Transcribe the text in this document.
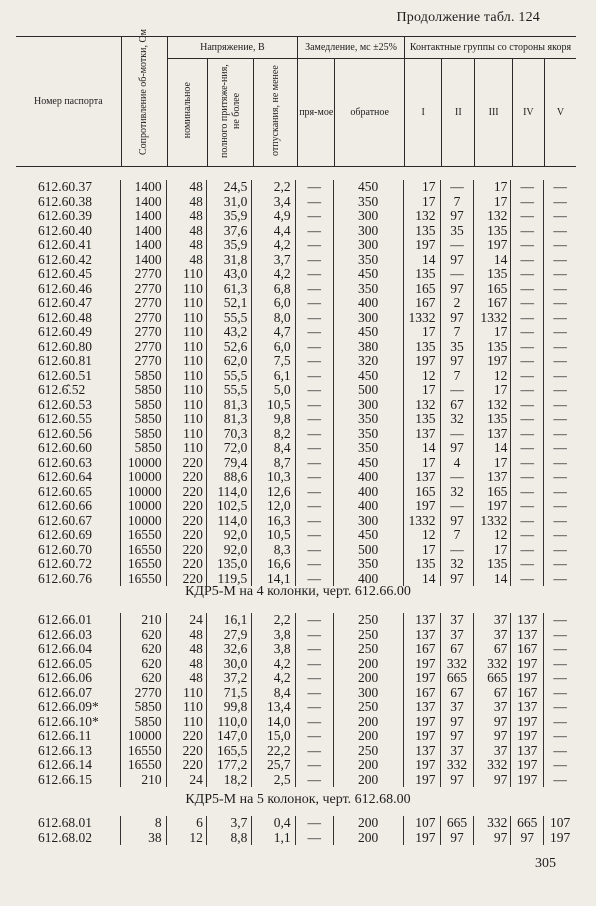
Продолжение табл. 124
Номер паспорта	Сопротивление об-мотки, Ом	Напряжение, В			Замедление, мс ±25%		Контактные группы со стороны якоря				
		номинальное	полного притяже-ния, не более	отпускания, не менее	пря-мое	обратное	I	II	III	IV	V
612.60.37	1400	48	24,5	2,2	—	450	17	—	17	—	—
612.60.38	1400	48	31,0	3,4	—	350	17	7	17	—	—
612.60.39	1400	48	35,9	4,9	—	300	132	97	132	—	—
612.60.40	1400	48	37,6	4,4	—	300	135	35	135	—	—
612.60.41	1400	48	35,9	4,2	—	300	197	—	197	—	—
612.60.42	1400	48	31,8	3,7	—	350	14	97	14	—	—
612.60.45	2770	110	43,0	4,2	—	450	135	—	135	—	—
612.60.46	2770	110	61,3	6,8	—	350	165	97	165	—	—
612.60.47	2770	110	52,1	6,0	—	400	167	2	167	—	—
612.60.48	2770	110	55,5	8,0	—	300	1332	97	1332	—	—
612.60.49	2770	110	43,2	4,7	—	450	17	7	17	—	—
612.60.80	2770	110	52,6	6,0	—	380	135	35	135	—	—
612.60.81	2770	110	62,0	7,5	—	320	197	97	197	—	—
612.60.51	5850	110	55,5	6,1	—	450	12	7	12	—	—
612.6̂.52	5850	110	55,5	5,0	—	500	17	—	17	—	—
612.60.53	5850	110	81,3	10,5	—	300	132	67	132	—	—
612.60.55	5850	110	81,3	9,8	—	350	135	32	135	—	—
612.60.56	5850	110	70,3	8,2	—	350	137	—	137	—	—
612.60.60	5850	110	72,0	8,4	—	350	14	97	14	—	—
612.60.63	10000	220	79,4	8,7	—	450	17	4	17	—	—
612.60.64	10000	220	88,6	10,3	—	400	137	—	137	—	—
612.60.65	10000	220	114,0	12,6	—	400	165	32	165	—	—
612.60.66	10000	220	102,5	12,0	—	400	197	—	197	—	—
612.60.67	10000	220	114,0	16,3	—	300	1332	97	1332	—	—
612.60.69	16550	220	92,0	10,5	—	450	12	7	12	—	—
612.60.70	16550	220	92,0	8,3	—	500	17	—	17	—	—
612.60.72	16550	220	135,0	16,6	—	350	135	32	135	—	—
612.60.76	16550	220	119,5	14,1	—	400	14	97	14	—	—
КДР5-М на 4 колонки, черт. 612.66.00
612.66.01	210	24	16,1	2,2	—	250	137	37	37	137	—
612.66.03	620	48	27,9	3,8	—	250	137	37	37	137	—
612.66.04	620	48	32,6	3,8	—	250	167	67	67	167	—
612.66.05	620	48	30,0	4,2	—	200	197	332	332	197	—
612.66.06	620	48	37,2	4,2	—	200	197	665	665	197	—
612.66.07	2770	110	71,5	8,4	—	300	167	67	67	167	—
612.66.09*	5850	110	99,8	13,4	—	250	137	37	37	137	—
612.66.10*	5850	110	110,0	14,0	—	200	197	97	97	197	—
612.66.11	10000	220	147,0	15,0	—	200	197	97	97	197	—
612.66.13	16550	220	165,5	22,2	—	250	137	37	37	137	—
612.66.14	16550	220	177,2	25,7	—	200	197	332	332	197	—
612.66.15	210	24	18,2	2,5	—	200	197	97	97	197	—
КДР5-М на 5 колонок, черт. 612.68.00
612.68.01	8	6	3,7	0,4	—	200	107	665	332	665	107
612.68.02	38	12	8,8	1,1	—	200	197	97	97	97	197
305
